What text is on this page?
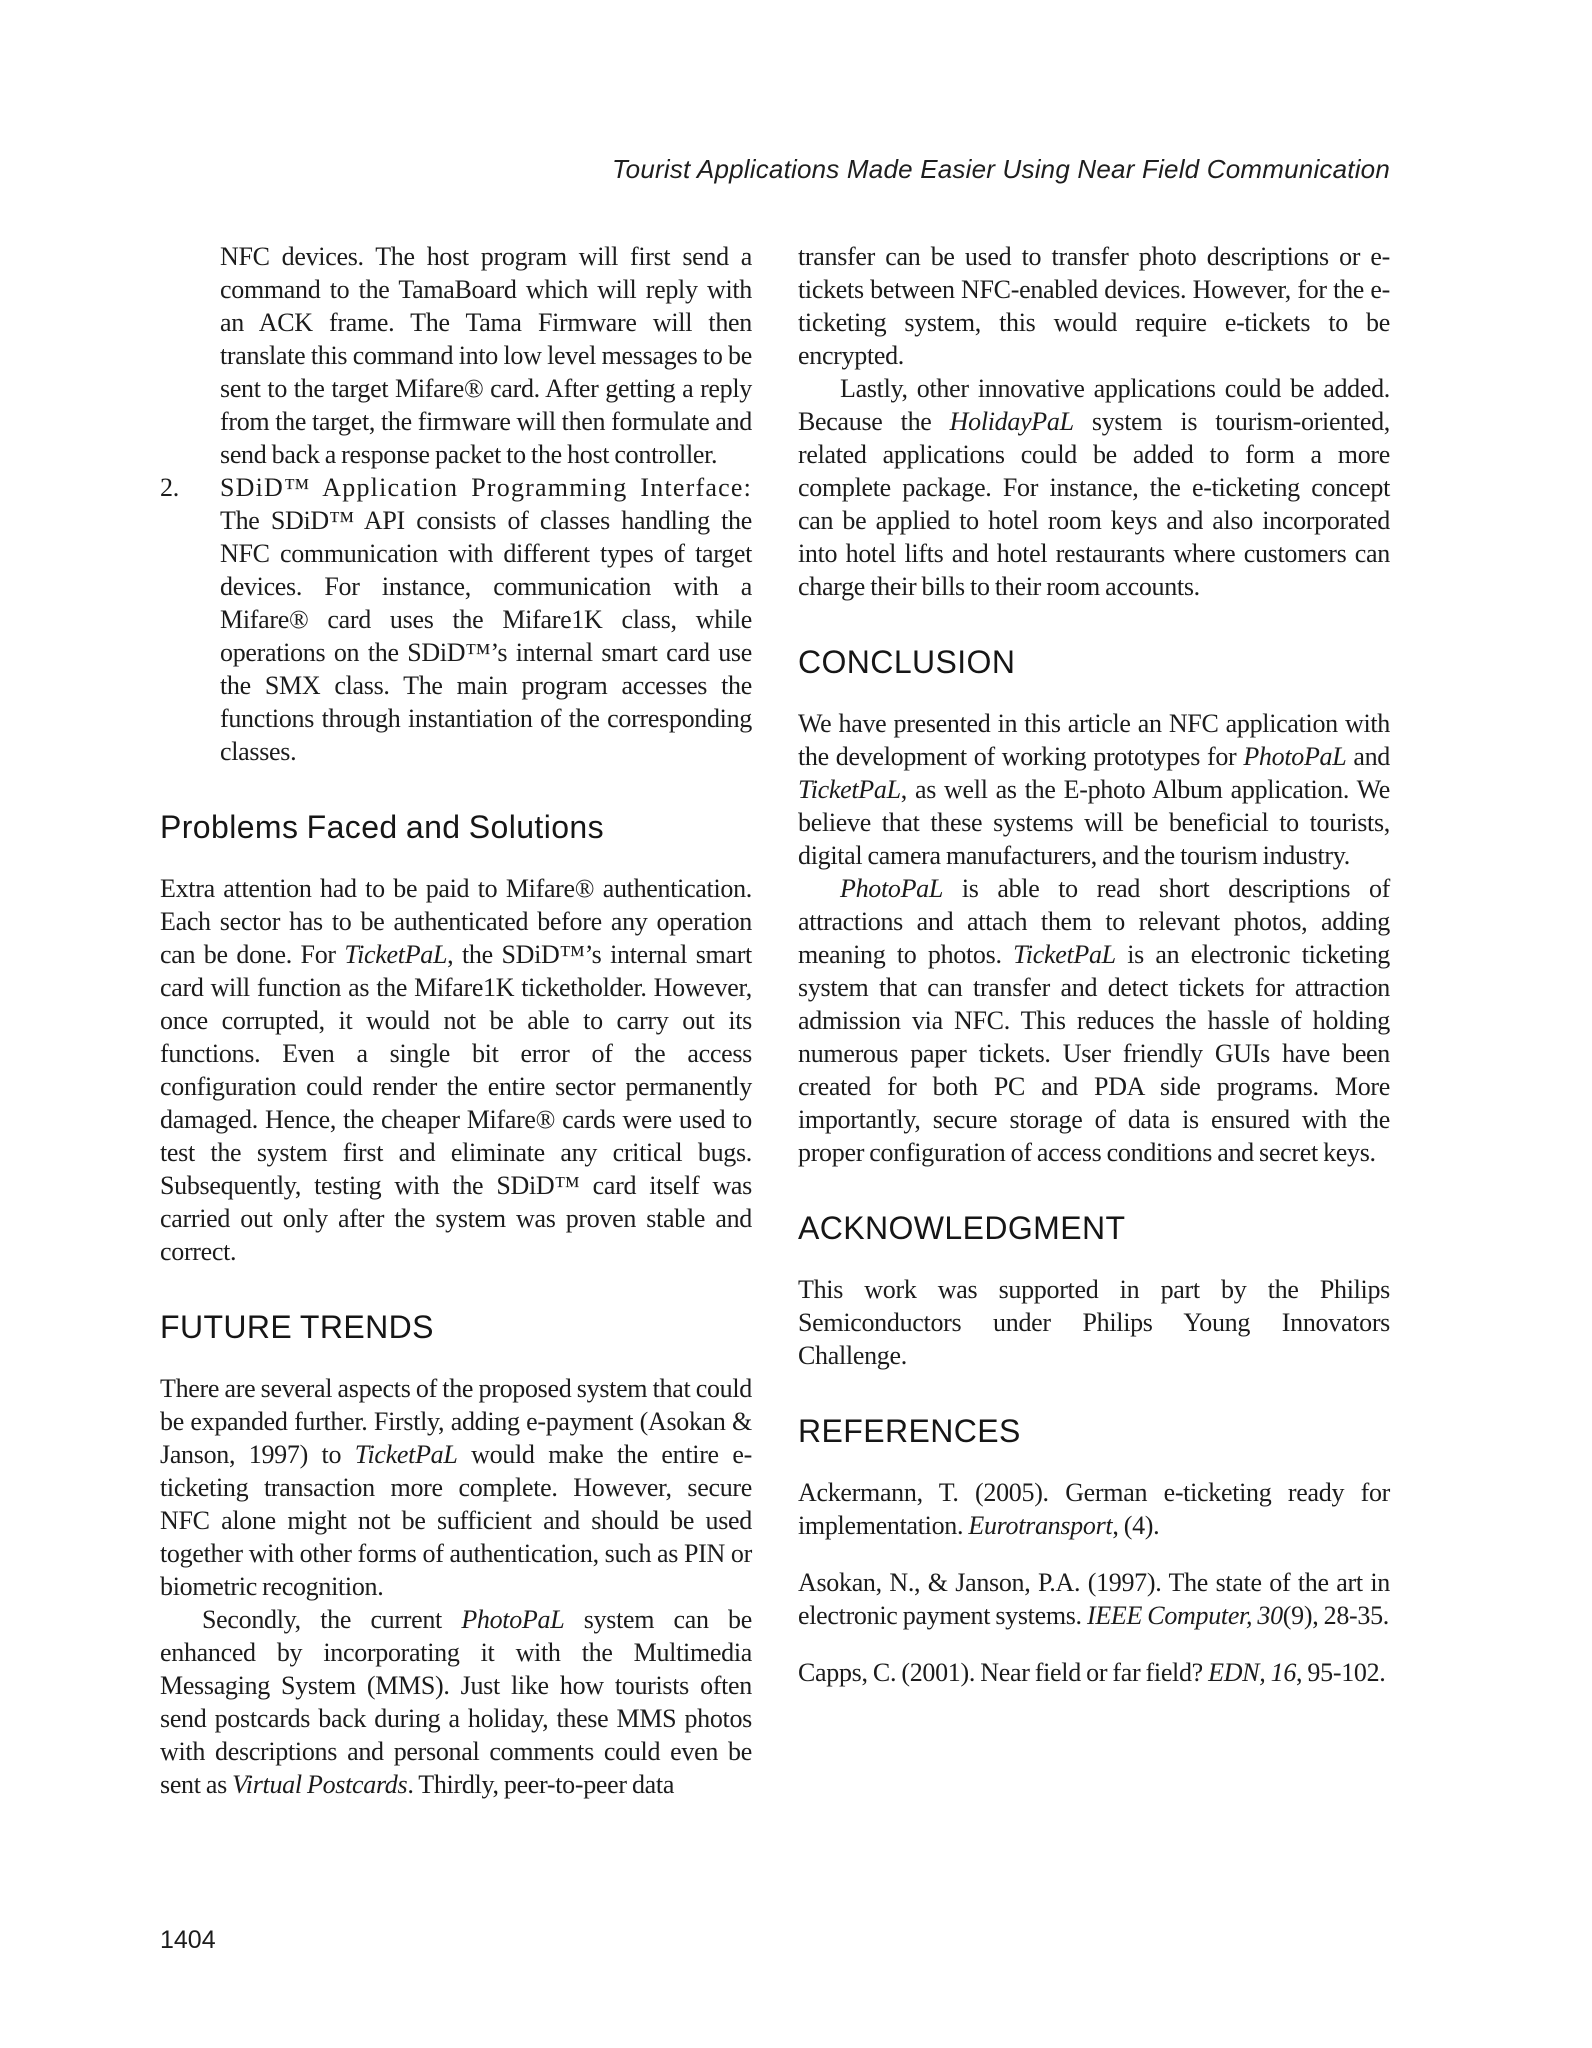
Tourist Applications Made Easier Using Near Field Communication
NFC devices. The host program will first send a command to the TamaBoard which will reply with an ACK frame. The Tama Firmware will then translate this command into low level messages to be sent to the target Mifare® card. After getting a reply from the target, the firmware will then formulate and send back a response packet to the host controller.
2.	SDiD™ Application Programming Interface: The SDiD™ API consists of classes handling the NFC communication with different types of target devices. For instance, communication with a Mifare® card uses the Mifare1K class, while operations on the SDiD™’s internal smart card use the SMX class. The main program accesses the functions through instantiation of the corresponding classes.
Problems Faced and Solutions

Extra attention had to be paid to Mifare® authentication. Each sector has to be authenticated before any operation can be done. For TicketPaL, the SDiD™’s internal smart card will function as the Mifare1K ticketholder. However, once corrupted, it would not be able to carry out its functions. Even a single bit error of the access configuration could render the entire sector permanently damaged. Hence, the cheaper Mifare® cards were used to test the system first and eliminate any critical bugs. Subsequently, testing with the SDiD™ card itself was carried out only after the system was proven stable and correct.

FUTURE TRENDS

There are several aspects of the proposed system that could be expanded further. Firstly, adding e-payment (Asokan & Janson, 1997) to TicketPaL would make the entire e-ticketing transaction more complete. However, secure NFC alone might not be sufficient and should be used together with other forms of authentication, such as PIN or biometric recognition.

Secondly, the current PhotoPaL system can be enhanced by incorporating it with the Multimedia Messaging System (MMS). Just like how tourists often send postcards back during a holiday, these MMS photos with descriptions and personal comments could even be sent as Virtual Postcards. Thirdly, peer-to-peer data

transfer can be used to transfer photo descriptions or e-tickets between NFC-enabled devices. However, for the e-ticketing system, this would require e-tickets to be encrypted.

Lastly, other innovative applications could be added. Because the HolidayPaL system is tourism-oriented, related applications could be added to form a more complete package. For instance, the e-ticketing concept can be applied to hotel room keys and also incorporated into hotel lifts and hotel restaurants where customers can charge their bills to their room accounts.

CONCLUSION

We have presented in this article an NFC application with the development of working prototypes for PhotoPaL and TicketPaL, as well as the E-photo Album application. We believe that these systems will be beneficial to tourists, digital camera manufacturers, and the tourism industry.

PhotoPaL is able to read short descriptions of attractions and attach them to relevant photos, adding meaning to photos. TicketPaL is an electronic ticketing system that can transfer and detect tickets for attraction admission via NFC. This reduces the hassle of holding numerous paper tickets. User friendly GUIs have been created for both PC and PDA side programs. More importantly, secure storage of data is ensured with the proper configuration of access conditions and secret keys.

ACKNOWLEDGMENT

This work was supported in part by the Philips Semiconductors under Philips Young Innovators Challenge.

REFERENCES

Ackermann, T. (2005). German e-ticketing ready for implementation. Eurotransport, (4).

Asokan, N., & Janson, P.A. (1997). The state of the art in electronic payment systems. IEEE Computer, 30(9), 28-35.

Capps, C. (2001). Near field or far field? EDN, 16, 95-102.

1404
